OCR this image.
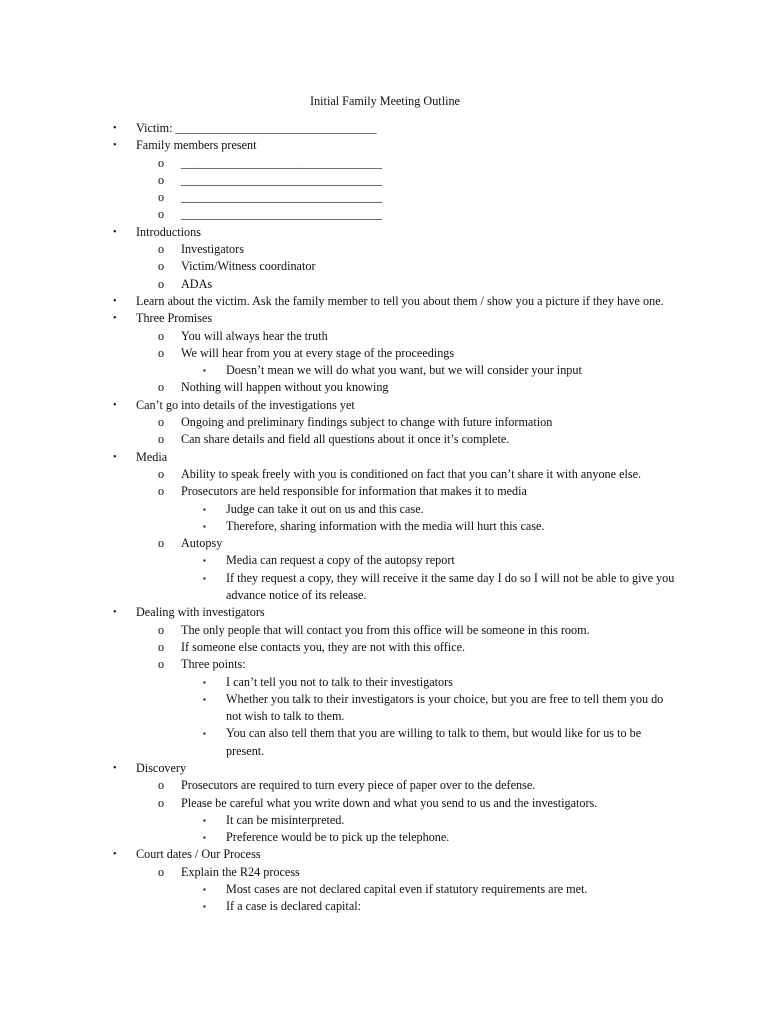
Initial Family Meeting Outline
• Victim: _________________________________
• Family members present
o _________________________________
o _________________________________
o _________________________________
o _________________________________
• Introductions
o Investigators
o Victim/Witness coordinator
o ADAs
• Learn about the victim. Ask the family member to tell you about them / show you a picture if they have one.
• Three Promises
o You will always hear the truth
o We will hear from you at every stage of the proceedings
▪ Doesn’t mean we will do what you want, but we will consider your input
o Nothing will happen without you knowing
• Can’t go into details of the investigations yet
o Ongoing and preliminary findings subject to change with future information
o Can share details and field all questions about it once it’s complete.
• Media
o Ability to speak freely with you is conditioned on fact that you can’t share it with anyone else.
o Prosecutors are held responsible for information that makes it to media
▪ Judge can take it out on us and this case.
▪ Therefore, sharing information with the media will hurt this case.
o Autopsy
▪ Media can request a copy of the autopsy report
▪ If they request a copy, they will receive it the same day I do so I will not be able to give you advance notice of its release.
• Dealing with investigators
o The only people that will contact you from this office will be someone in this room.
o If someone else contacts you, they are not with this office.
o Three points:
▪ I can’t tell you not to talk to their investigators
▪ Whether you talk to their investigators is your choice, but you are free to tell them you do not wish to talk to them.
▪ You can also tell them that you are willing to talk to them, but would like for us to be present.
• Discovery
o Prosecutors are required to turn every piece of paper over to the defense.
o Please be careful what you write down and what you send to us and the investigators.
▪ It can be misinterpreted.
▪ Preference would be to pick up the telephone.
• Court dates / Our Process
o Explain the R24 process
▪ Most cases are not declared capital even if statutory requirements are met.
▪ If a case is declared capital:
